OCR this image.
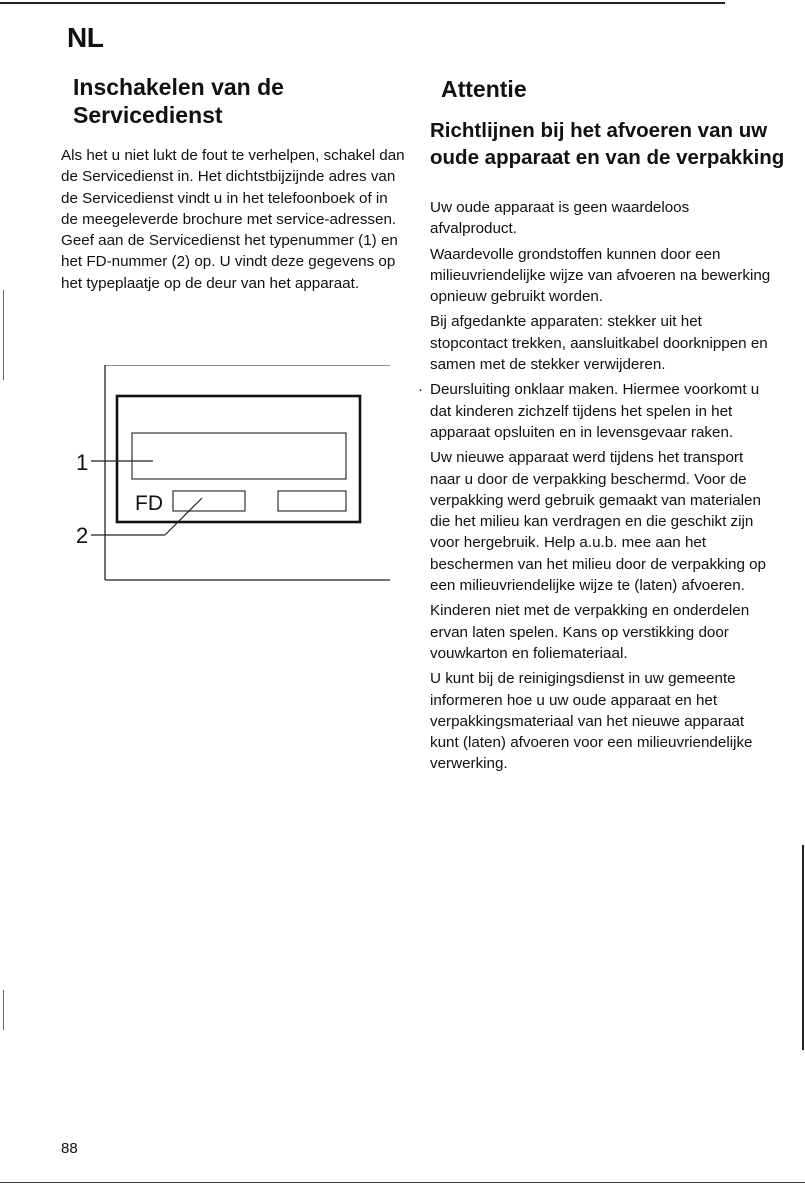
NL
Inschakelen van de Servicedienst
Als het u niet lukt de fout te verhelpen, schakel dan de Servicedienst in. Het dichtstbijzijnde adres van de Servicedienst vindt u in het telefoonboek of in de meegeleverde brochure met service-adressen. Geef aan de Servicedienst het typenummer (1) en het FD-nummer (2) op. U vindt deze gegevens op het typeplaatje op de deur van het apparaat.
FD
1
2
Attentie
Richtlijnen bij het afvoeren van uw oude apparaat en van de verpakking

Uw oude apparaat is geen waardeloos afvalproduct.

Waardevolle grondstoffen kunnen door een milieuvriendelijke wijze van afvoeren na bewerking opnieuw gebruikt worden.

Bij afgedankte apparaten: stekker uit het stopcontact trekken, aansluitkabel doorknippen en samen met de stekker verwijderen.

· Deursluiting onklaar maken. Hiermee voorkomt u dat kinderen zichzelf tijdens het spelen in het apparaat opsluiten en in levensgevaar raken.

Uw nieuwe apparaat werd tijdens het transport naar u door de verpakking beschermd. Voor de verpakking werd gebruik gemaakt van materialen die het milieu kan verdragen en die geschikt zijn voor hergebruik. Help a.u.b. mee aan het beschermen van het milieu door de verpakking op een milieuvriendelijke wijze te (laten) afvoeren.

Kinderen niet met de verpakking en onderdelen ervan laten spelen. Kans op verstikking door vouwkarton en foliemateriaal.

U kunt bij de reinigingsdienst in uw gemeente informeren hoe u uw oude apparaat en het verpakkingsmateriaal van het nieuwe apparaat kunt (laten) afvoeren voor een milieuvriendelijke verwerking.

88
